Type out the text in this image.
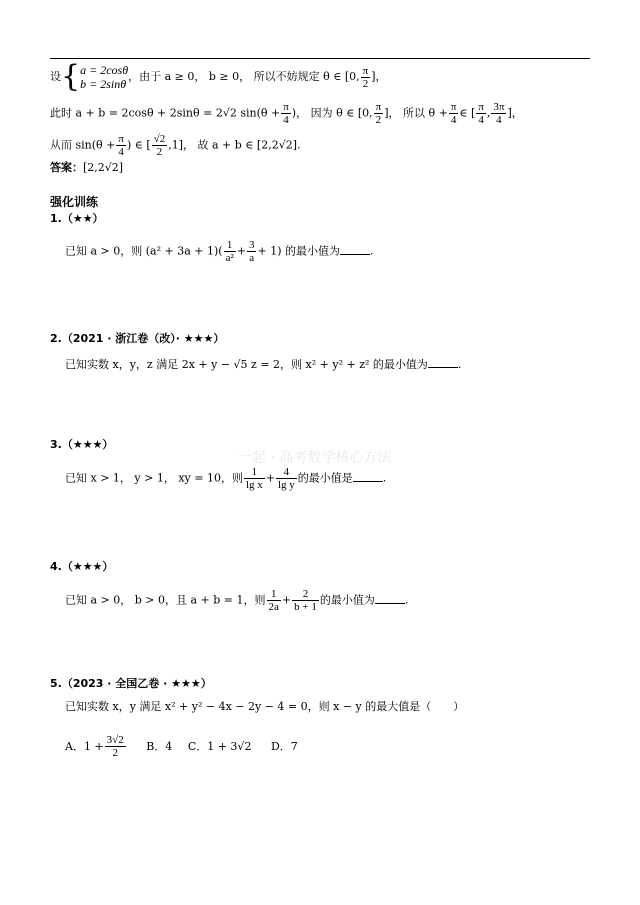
设{ a = 2cosθ
b = 2sinθ
，由于 a ≥ 0， b ≥ 0， 所以不妨规定 θ ∈ [0, $\frac{\pi}{2}$ ]，
此时 a + b = 2cosθ + 2sinθ = 2√2 $\sin(\theta + \frac{\pi}{4}$ )， 因为 θ ∈ [0, $\frac{\pi}{2}$ ]， 所以 $\theta + \frac{\pi}{4}$ ∈ [ $\frac{\pi}{4}$ , $\frac{3\pi}{4}$ ]，
从而 $\sin(\theta + \frac{\pi}{4}$ ) ∈ [ $\frac{√2}{2} ,1$]， 故 a + b ∈ [2,2√2].
答案：[2,2√2]
强化训练
1.（★★）
已知 a > 0，则 $(a^2 + 3a + 1)( \frac{1}{\text{a²}} + \frac{3}{a} + 1)$ 的最小值为	.
2.（2021 · 浙江卷（改）· ★★★）
已知实数 x，y，z 满足 2x + y − √5 z = 2，则 x² + y² + z² 的最小值为	.
一起 · 高考数学核心方法
3.（★★★）
已知 x > 1， y > 1， xy = 10，则 $\frac{1}{\text{lg x}} + \frac{4}{\text{lg y}}$ 的最小值是	.
4.（★★★）
已知 a > 0， b > 0，且 a + b = 1，则 $\frac{1}{2a} + \frac{2}{b + 1}$ 的最小值为	.
5.（2023 · 全国乙卷 · ★★★）
已知实数 x，y 满足 x² + y² − 4x − 2y − 4 = 0，则 x − y 的最大值是（　　）
A．$1 + \frac{3√2}{2}$ B．4 C．1 + 3√2 D．7
